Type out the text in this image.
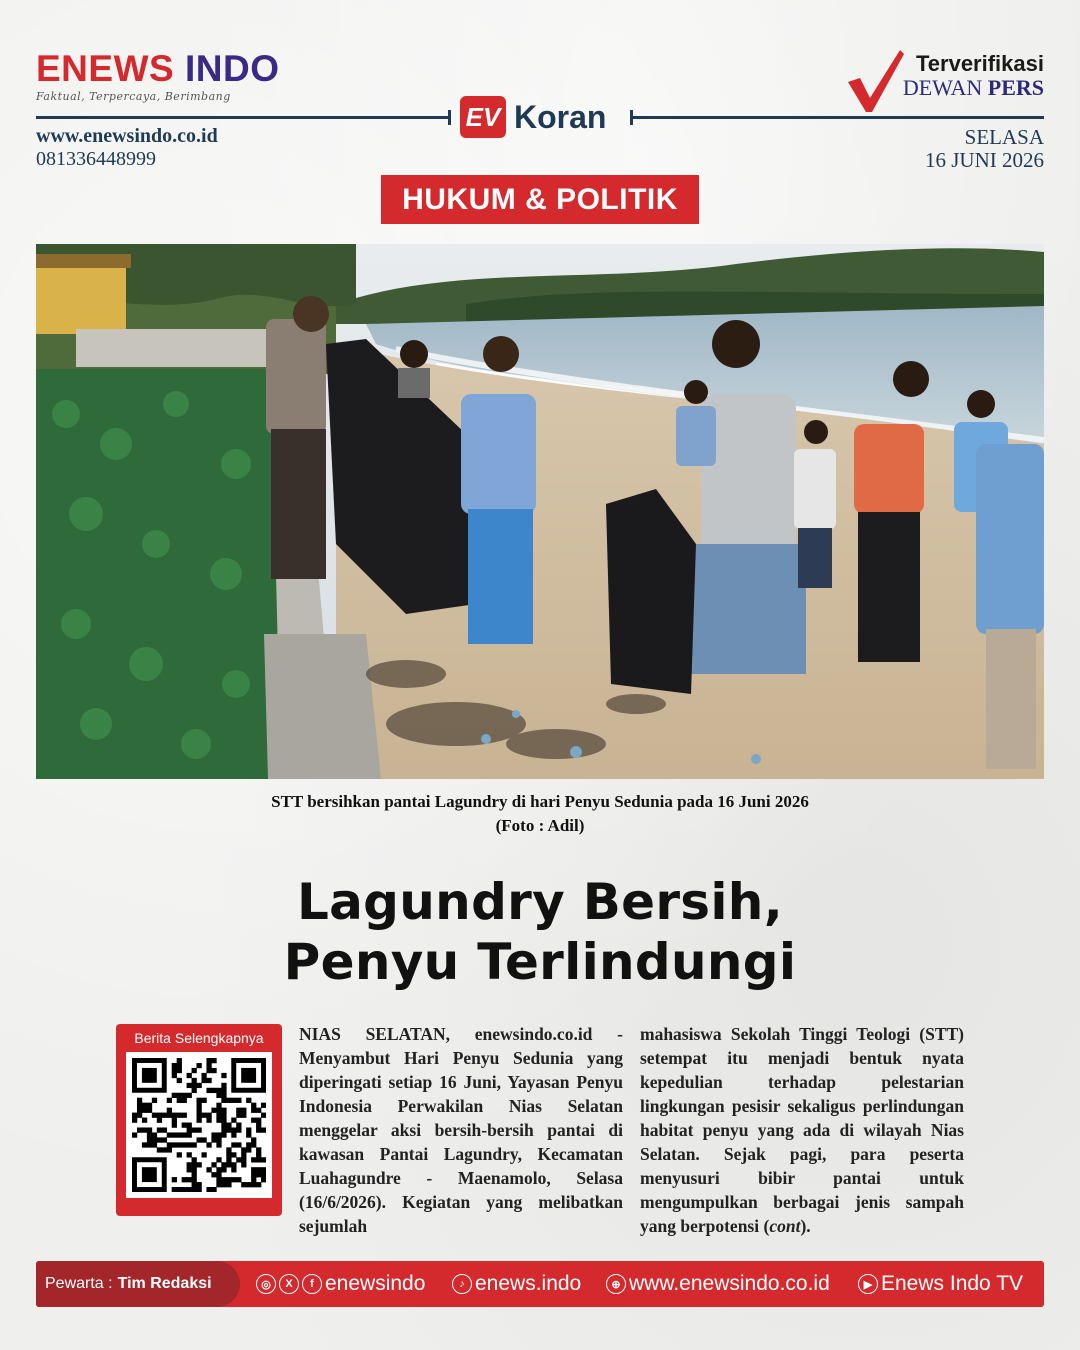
ENEWS INDO
Faktual, Terpercaya, Berimbang
www.enewsindo.co.id
081336448999
EV Koran
Terverifikasi
DEWAN PERS
SELASA
16 JUNI 2026
HUKUM & POLITIK
STT bersihkan pantai Lagundry di hari Penyu Sedunia pada 16 Juni 2026
(Foto : Adil)
Lagundry Bersih,
Penyu Terlindungi
Berita Selengkapnya	NIAS SELATAN, enewsindo.co.id - Menyambut Hari Penyu Sedunia yang diperingati setiap 16 Juni, Yayasan Penyu Indonesia Perwakilan Nias Selatan menggelar aksi bersih-bersih pantai di kawasan Pantai Lagundry, Kecamatan Luahagundre - Maenamolo, Selasa (16/6/2026). Kegiatan yang melibatkan sejumlah
mahasiswa Sekolah Tinggi Teologi (STT) setempat itu menjadi bentuk nyata kepedulian terhadap pelestarian lingkungan pesisir sekaligus perlindungan habitat penyu yang ada di wilayah Nias Selatan. Sejak pagi, para peserta menyusuri bibir pantai untuk mengumpulkan berbagai jenis sampah yang berpotensi (cont).
Pewarta : Tim Redaksi	◎	X	f enewsindo	♪ enews.indo	⊕ www.enewsindo.co.id	▶ Enews Indo TV
